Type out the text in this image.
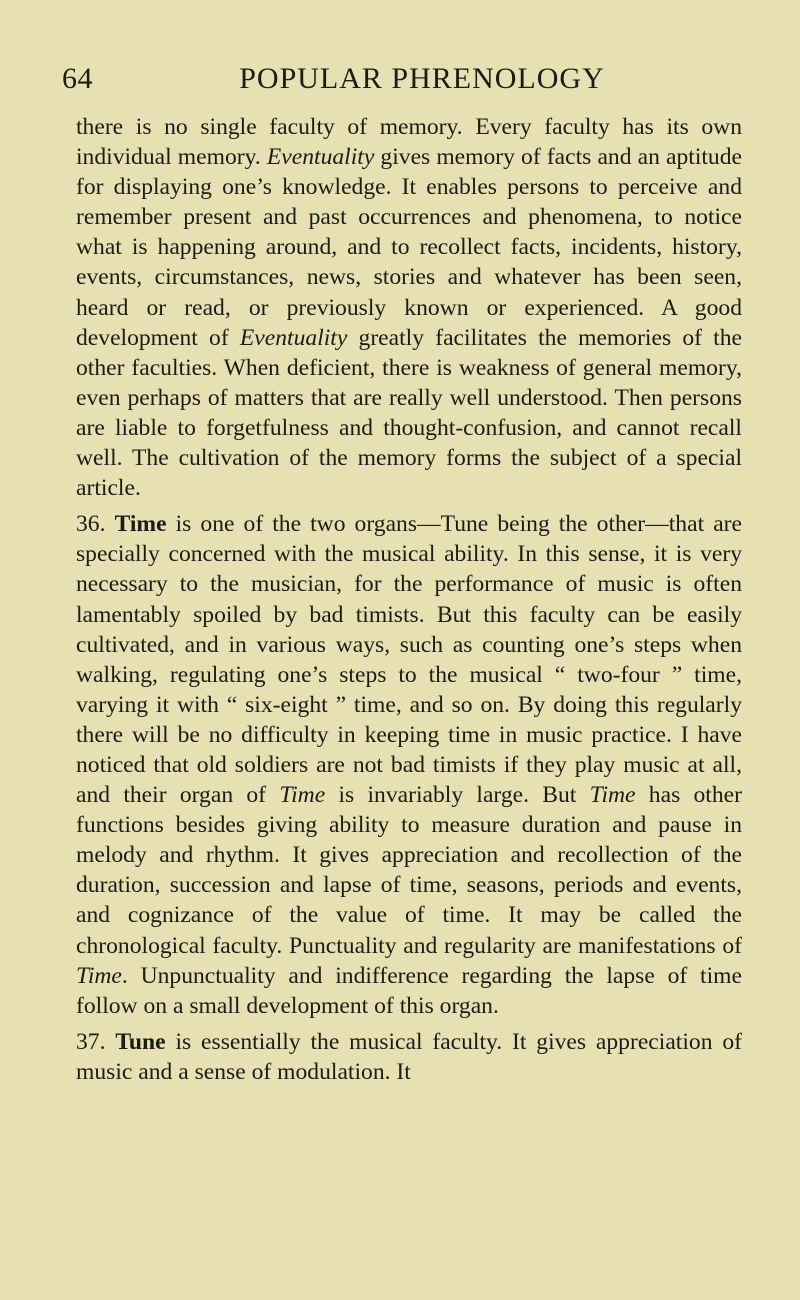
64	POPULAR PHRENOLOGY

there is no single faculty of memory. Every faculty has its own individual memory. Eventuality gives memory of facts and an aptitude for displaying one’s knowledge. It enables persons to perceive and remember present and past occurrences and phenomena, to notice what is happening around, and to recollect facts, incidents, history, events, circumstances, news, stories and whatever has been seen, heard or read, or previously known or experienced. A good development of Eventuality greatly facilitates the memories of the other faculties. When deficient, there is weakness of general memory, even perhaps of matters that are really well understood. Then persons are liable to forgetfulness and thought-confusion, and cannot recall well. The cultivation of the memory forms the subject of a special article.

36. Time is one of the two organs—Tune being the other—that are specially concerned with the musical ability. In this sense, it is very necessary to the musician, for the performance of music is often lamentably spoiled by bad timists. But this faculty can be easily cultivated, and in various ways, such as counting one’s steps when walking, regulating one’s steps to the musical “ two-four ” time, varying it with “ six-eight ” time, and so on. By doing this regularly there will be no difficulty in keeping time in music practice. I have noticed that old soldiers are not bad timists if they play music at all, and their organ of Time is invariably large. But Time has other functions besides giving ability to measure duration and pause in melody and rhythm. It gives appreciation and recollection of the duration, succession and lapse of time, seasons, periods and events, and cognizance of the value of time. It may be called the chronological faculty. Punctuality and regularity are manifestations of Time. Unpunctuality and indifference regarding the lapse of time follow on a small development of this organ.

37. Tune is essentially the musical faculty. It gives appreciation of music and a sense of modulation. It
